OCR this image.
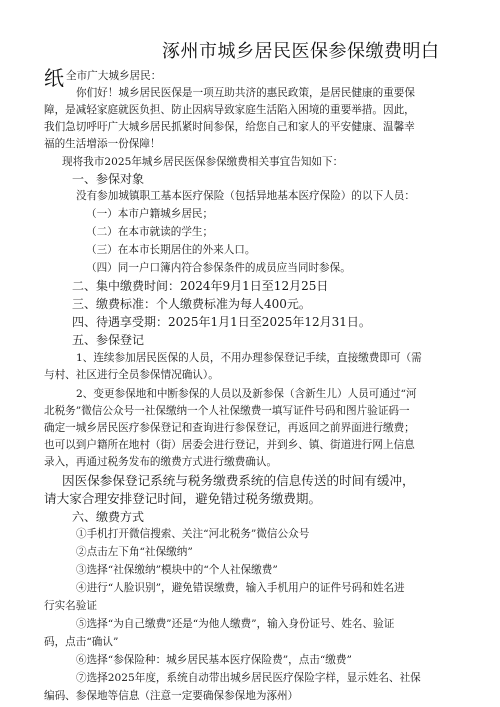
涿州市城乡居民医保参保缴费明白
纸 全市广大城乡居民：
你们好！城乡居民医保是一项互助共济的惠民政策，是居民健康的重要保
障，是减轻家庭就医负担、防止因病导致家庭生活陷入困境的重要举措。因此，
我们急切呼吁广大城乡居民抓紧时间参保，给您自己和家人的平安健康、温馨幸
福的生活增添一份保障！
现将我市2025年城乡居民医保参保缴费相关事宜告知如下：
一、参保对象
没有参加城镇职工基本医疗保险（包括异地基本医疗保险）的以下人员：
（一）本市户籍城乡居民；
（二）在本市就读的学生；
（三）在本市长期居住的外来人口。
（四）同一户口簿内符合参保条件的成员应当同时参保。
二、集中缴费时间：2024年9月1日至12月25日
三、缴费标准：个人缴费标准为每人400元。
四、待遇享受期：2025年1月1日至2025年12月31日。
五、参保登记
1、连续参加居民医保的人员，不用办理参保登记手续，直接缴费即可（需
与村、社区进行全员参保情况确认）。
2、变更参保地和中断参保的人员以及新参保（含新生儿）人员可通过“河
北税务”微信公众号一社保缴纳一个人社保缴费一填写证件号码和图片验证码一
确定一城乡居民医疗参保登记和查询进行参保登记，再返回之前界面进行缴费；
也可以到户籍所在地村（街）居委会进行登记，并到乡、镇、街道进行网上信息
录入，再通过税务发布的缴费方式进行缴费确认。
因医保参保登记系统与税务缴费系统的信息传送的时间有缓冲，
请大家合理安排登记时间，避免错过税务缴费期。
六、缴费方式
①手机打开微信搜索、关注“河北税务”微信公众号
②点击左下角“社保缴纳”
③选择“社保缴纳”模块中的“个人社保缴费”
④进行“人脸识别”，避免错误缴费，输入手机用户的证件号码和姓名进
行实名验证
⑤选择“为自己缴费”还是“为他人缴费”，输入身份证号、姓名、验证
码，点击“确认”
⑥选择“参保险种：城乡居民基本医疗保险费”，点击“缴费”
⑦选择2025年度，系统自动带出城乡居民医疗保险字样，显示姓名、社保
编码、参保地等信息（注意一定要确保参保地为涿州）
